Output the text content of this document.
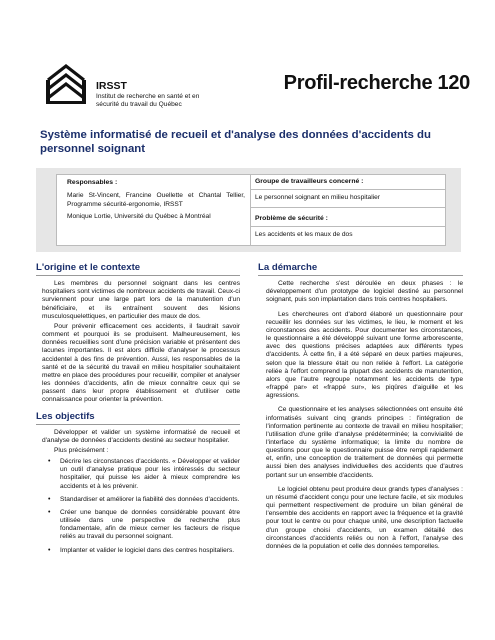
IRSST
Institut de recherche en santé et en sécurité du travail du Québec
Profil-recherche 120
Système informatisé de recueil et d'analyse des données d'accidents du personnel soignant
Responsables :
Marie St-Vincent, Francine Ouellette et Chantal Tellier, Programme sécurité-ergonomie, IRSST
Monique Lortie, Université du Québec à Montréal
Groupe de travailleurs concerné :
Le personnel soignant en milieu hospitalier
Problème de sécurité :
Les accidents et les maux de dos
L'origine et le contexte

Les membres du personnel soignant dans les centres hospitaliers sont victimes de nombreux accidents de travail. Ceux-ci surviennent pour une large part lors de la manutention d'un bénéficiaire, et ils entraînent souvent des lésions musculosquelettiques, en particulier des maux de dos.

Pour prévenir efficacement ces accidents, il faudrait savoir comment et pourquoi ils se produisent. Malheureusement, les données recueillies sont d'une précision variable et présentent des lacunes importantes. Il est alors difficile d'analyser le processus accidentel à des fins de prévention. Aussi, les responsables de la santé et de la sécurité du travail en milieu hospitalier souhaitaient mettre en place des procédures pour recueillir, compiler et analyser les données d'accidents, afin de mieux connaître ceux qui se passent dans leur propre établissement et d'utiliser cette connaissance pour orienter la prévention.

Les objectifs

Développer et valider un système informatisé de recueil et d'analyse de données d'accidents destiné au secteur hospitalier.

Plus précisément :

• Décrire les circonstances d'accidents. « Développer et valider un outil d'analyse pratique pour les intéressés du secteur hospitalier, qui puisse les aider à mieux comprendre les accidents et à les prévenir.
• Standardiser et améliorer la fiabilité des données d'accidents.
• Créer une banque de données considérable pouvant être utilisée dans une perspective de recherche plus fondamentale, afin de mieux cerner les facteurs de risque reliés au travail du personnel soignant.
• Implanter et valider le logiciel dans des centres hospitaliers.
La démarche

Cette recherche s'est déroulée en deux phases : le développement d'un prototype de logiciel destiné au personnel soignant, puis son implantation dans trois centres hospitaliers.

Les chercheures ont d'abord élaboré un questionnaire pour recueillir les données sur les victimes, le lieu, le moment et les circonstances des accidents. Pour documenter les circonstances, le questionnaire a été développé suivant une forme arborescente, avec des questions précises adaptées aux différents types d'accidents. À cette fin, il a été séparé en deux parties majeures, selon que la blessure était ou non reliée à l'effort. La catégorie reliée à l'effort comprend la plupart des accidents de manutention, alors que l'autre regroupe notamment les accidents de type «frappé par» et «frappé sur», les piqûres d'aiguille et les agressions.

Ce questionnaire et les analyses sélectionnées ont ensuite été informatisés suivant cinq grands principes : l'intégration de l'information pertinente au contexte de travail en milieu hospitalier; l'utilisation d'une grille d'analyse prédéterminée; la convivialité de l'interface du système informatique; la limite du nombre de questions pour que le questionnaire puisse être rempli rapidement et, enfin, une conception de traitement de données qui permette aussi bien des analyses individuelles des accidents que d'autres portant sur un ensemble d'accidents.

Le logiciel obtenu peut produire deux grands types d'analyses : un résumé d'accident conçu pour une lecture facile, et six modules qui permettent respectivement de produire un bilan général de l'ensemble des accidents en rapport avec la fréquence et la gravité pour tout le centre ou pour chaque unité, une description factuelle d'un groupe choisi d'accidents, un examen détaillé des circonstances d'accidents reliés ou non à l'effort, l'analyse des données de la population et celle des données temporelles.
